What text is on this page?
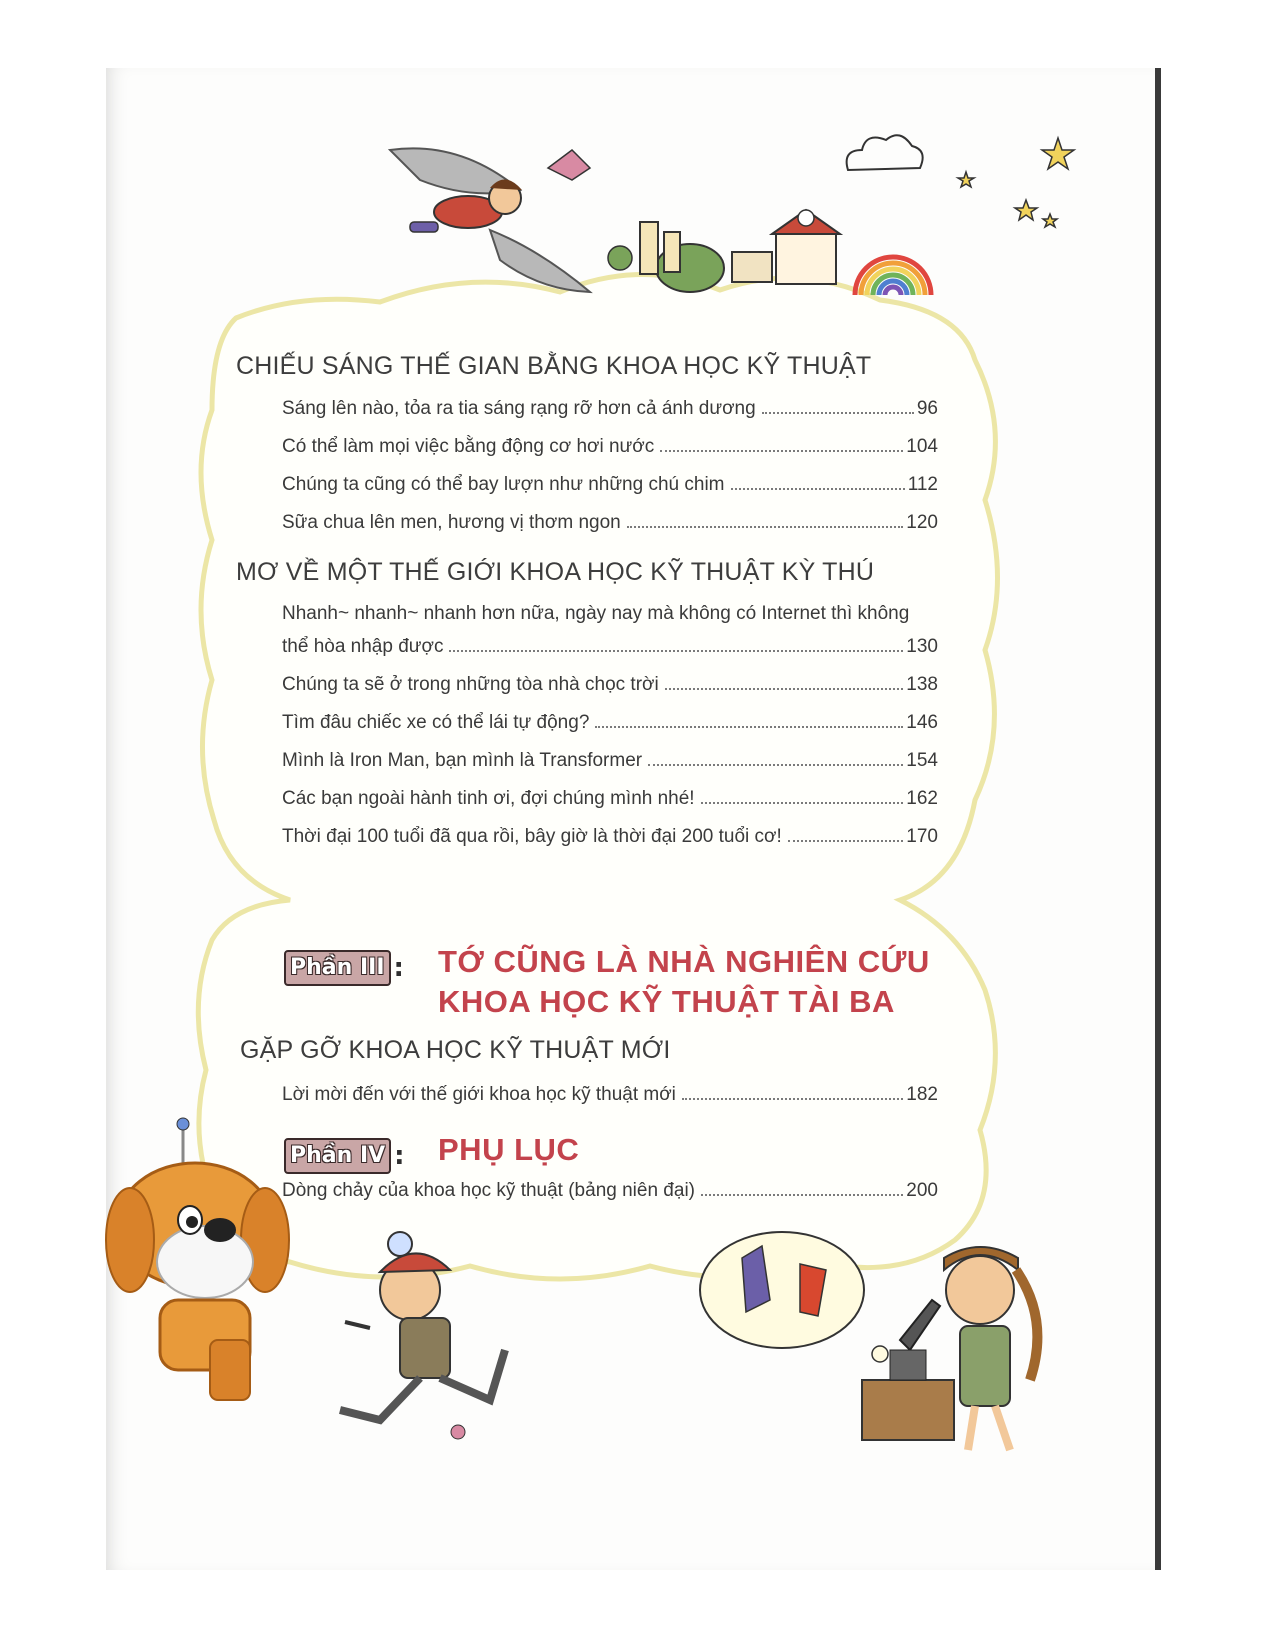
CHIẾU SÁNG THẾ GIAN BẰNG KHOA HỌC KỸ THUẬT
Sáng lên nào, tỏa ra tia sáng rạng rỡ hơn cả ánh dương	96
Có thể làm mọi việc bằng động cơ hơi nước	104
Chúng ta cũng có thể bay lượn như những chú chim	112
Sữa chua lên men, hương vị thơm ngon	120
MƠ VỀ MỘT THẾ GIỚI KHOA HỌC KỸ THUẬT KỲ THÚ
Nhanh~ nhanh~ nhanh hơn nữa, ngày nay mà không có Internet thì không
thể hòa nhập được	130
Chúng ta sẽ ở trong những tòa nhà chọc trời	138
Tìm đâu chiếc xe có thể lái tự động?	146
Mình là Iron Man, bạn mình là Transformer	154
Các bạn ngoài hành tinh ơi, đợi chúng mình nhé!	162
Thời đại 100 tuổi đã qua rồi, bây giờ là thời đại 200 tuổi cơ!	170
Phần III : TỚ CŨNG LÀ NHÀ NGHIÊN CỨU
KHOA HỌC KỸ THUẬT TÀI BA
GẶP GỠ KHOA HỌC KỸ THUẬT MỚI
Lời mời đến với thế giới khoa học kỹ thuật mới	182
Phần IV : PHỤ LỤC
Dòng chảy của khoa học kỹ thuật (bảng niên đại)	200
